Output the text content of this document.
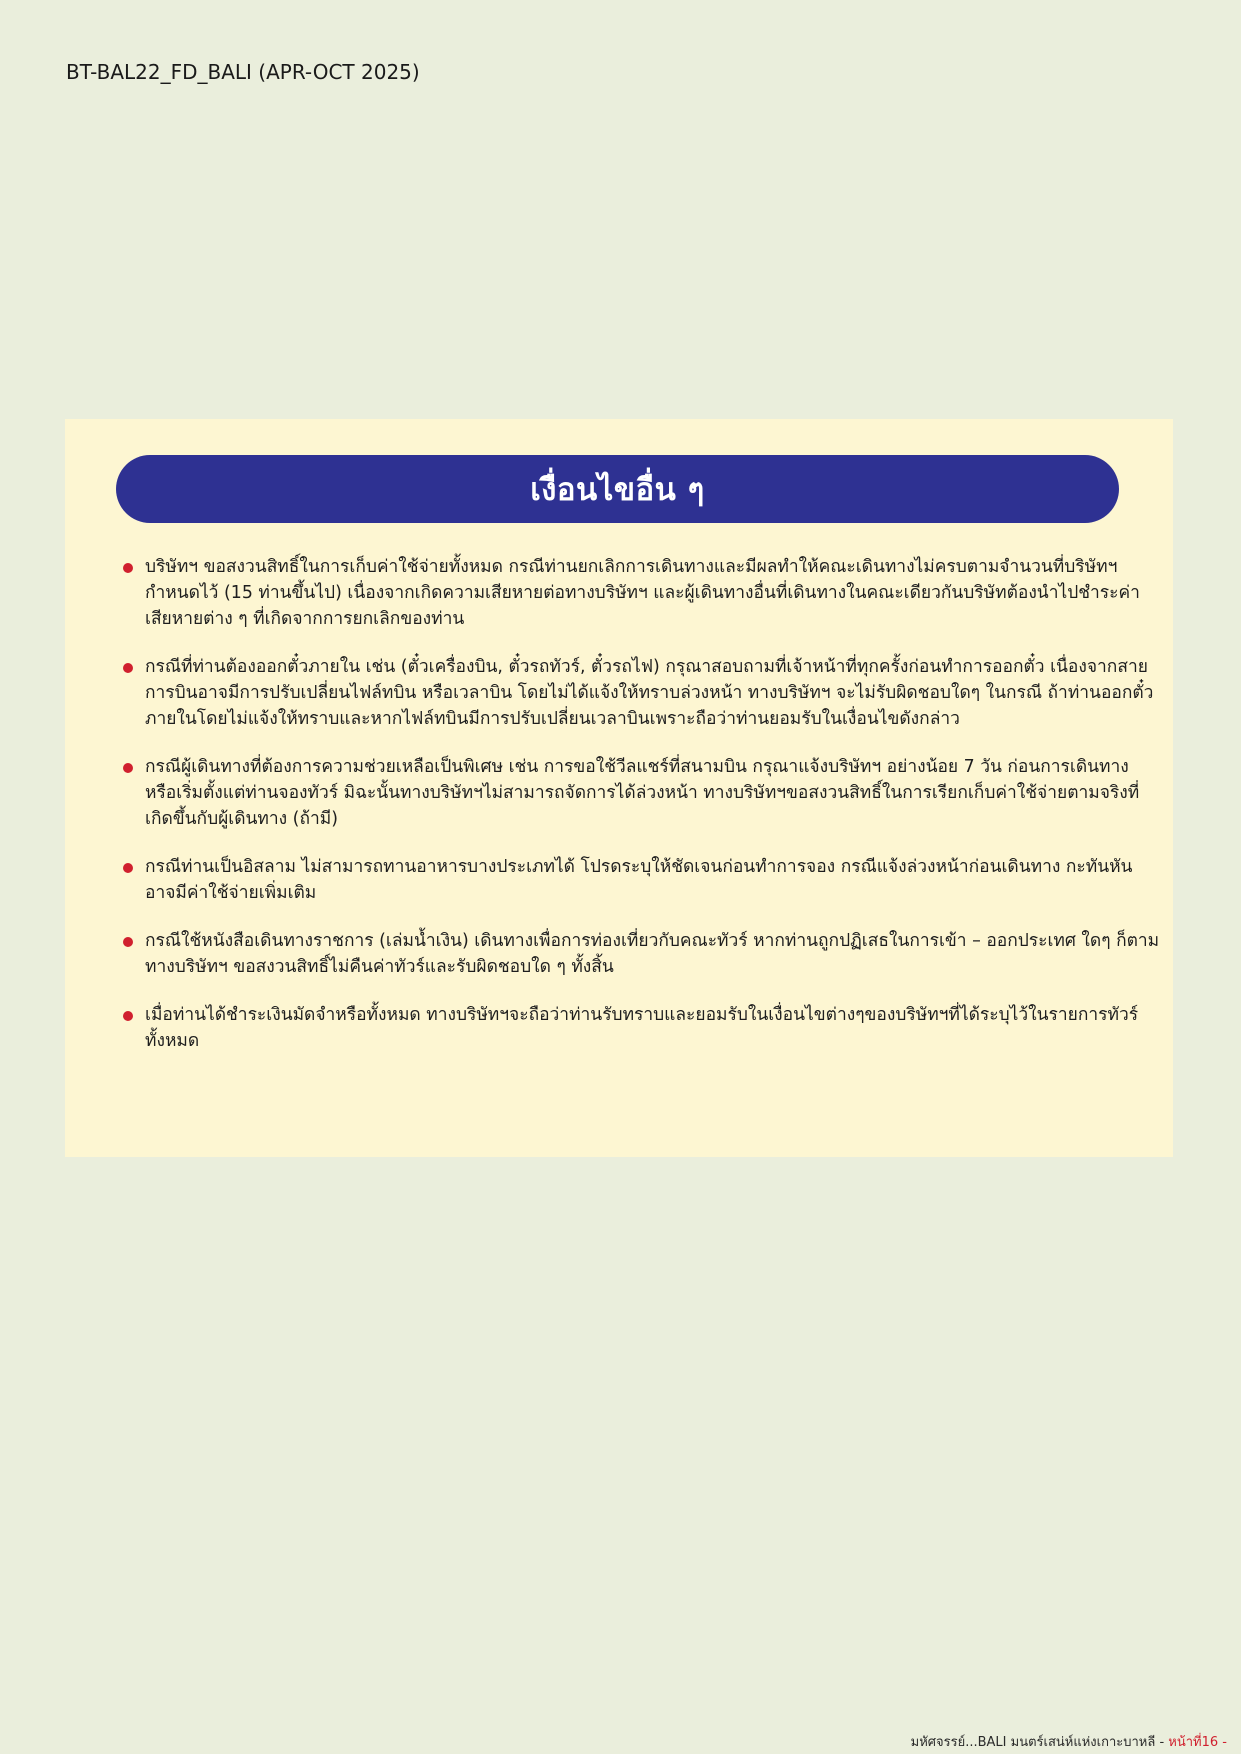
BT-BAL22_FD_BALI (APR-OCT 2025)
เงื่อนไขอื่น ๆ
บริษัทฯ ขอสงวนสิทธิ์ในการเก็บค่าใช้จ่ายทั้งหมด กรณีท่านยกเลิกการเดินทางและมีผลทำให้คณะเดินทางไม่ครบตามจำนวนที่บริษัทฯ กำหนดไว้ (15 ท่านขึ้นไป) เนื่องจากเกิดความเสียหายต่อทางบริษัทฯ และผู้เดินทางอื่นที่เดินทางในคณะเดียวกันบริษัทต้องนำไปชำระค่าเสียหายต่าง ๆ ที่เกิดจากการยกเลิกของท่าน
กรณีที่ท่านต้องออกตั๋วภายใน เช่น (ตั๋วเครื่องบิน, ตั๋วรถทัวร์, ตั๋วรถไฟ) กรุณาสอบถามที่เจ้าหน้าที่ทุกครั้งก่อนทำการออกตั๋ว เนื่องจากสายการบินอาจมีการปรับเปลี่ยนไฟล์ทบิน หรือเวลาบิน โดยไม่ได้แจ้งให้ทราบล่วงหน้า ทางบริษัทฯ จะไม่รับผิดชอบใดๆ ในกรณี ถ้าท่านออกตั๋วภายในโดยไม่แจ้งให้ทราบและหากไฟล์ทบินมีการปรับเปลี่ยนเวลาบินเพราะถือว่าท่านยอมรับในเงื่อนไขดังกล่าว
กรณีผู้เดินทางที่ต้องการความช่วยเหลือเป็นพิเศษ เช่น การขอใช้วีลแชร์ที่สนามบิน กรุณาแจ้งบริษัทฯ อย่างน้อย 7 วัน ก่อนการเดินทาง หรือเริ่มตั้งแต่ท่านจองทัวร์ มิฉะนั้นทางบริษัทฯไม่สามารถจัดการได้ล่วงหน้า ทางบริษัทฯขอสงวนสิทธิ์ในการเรียกเก็บค่าใช้จ่ายตามจริงที่เกิดขึ้นกับผู้เดินทาง (ถ้ามี)
กรณีท่านเป็นอิสลาม ไม่สามารถทานอาหารบางประเภทได้ โปรดระบุให้ชัดเจนก่อนทำการจอง กรณีแจ้งล่วงหน้าก่อนเดินทาง กะทันหัน อาจมีค่าใช้จ่ายเพิ่มเติม
กรณีใช้หนังสือเดินทางราชการ (เล่มน้ำเงิน) เดินทางเพื่อการท่องเที่ยวกับคณะทัวร์ หากท่านถูกปฏิเสธในการเข้า – ออกประเทศ ใดๆ ก็ตาม ทางบริษัทฯ ขอสงวนสิทธิ์ไม่คืนค่าทัวร์และรับผิดชอบใด ๆ ทั้งสิ้น
เมื่อท่านได้ชำระเงินมัดจำหรือทั้งหมด ทางบริษัทฯจะถือว่าท่านรับทราบและยอมรับในเงื่อนไขต่างๆของบริษัทฯที่ได้ระบุไว้ในรายการทัวร์ทั้งหมด
มหัศจรรย์...BALI มนตร์เสน่ห์แห่งเกาะบาหลี - หน้าที่16 -
